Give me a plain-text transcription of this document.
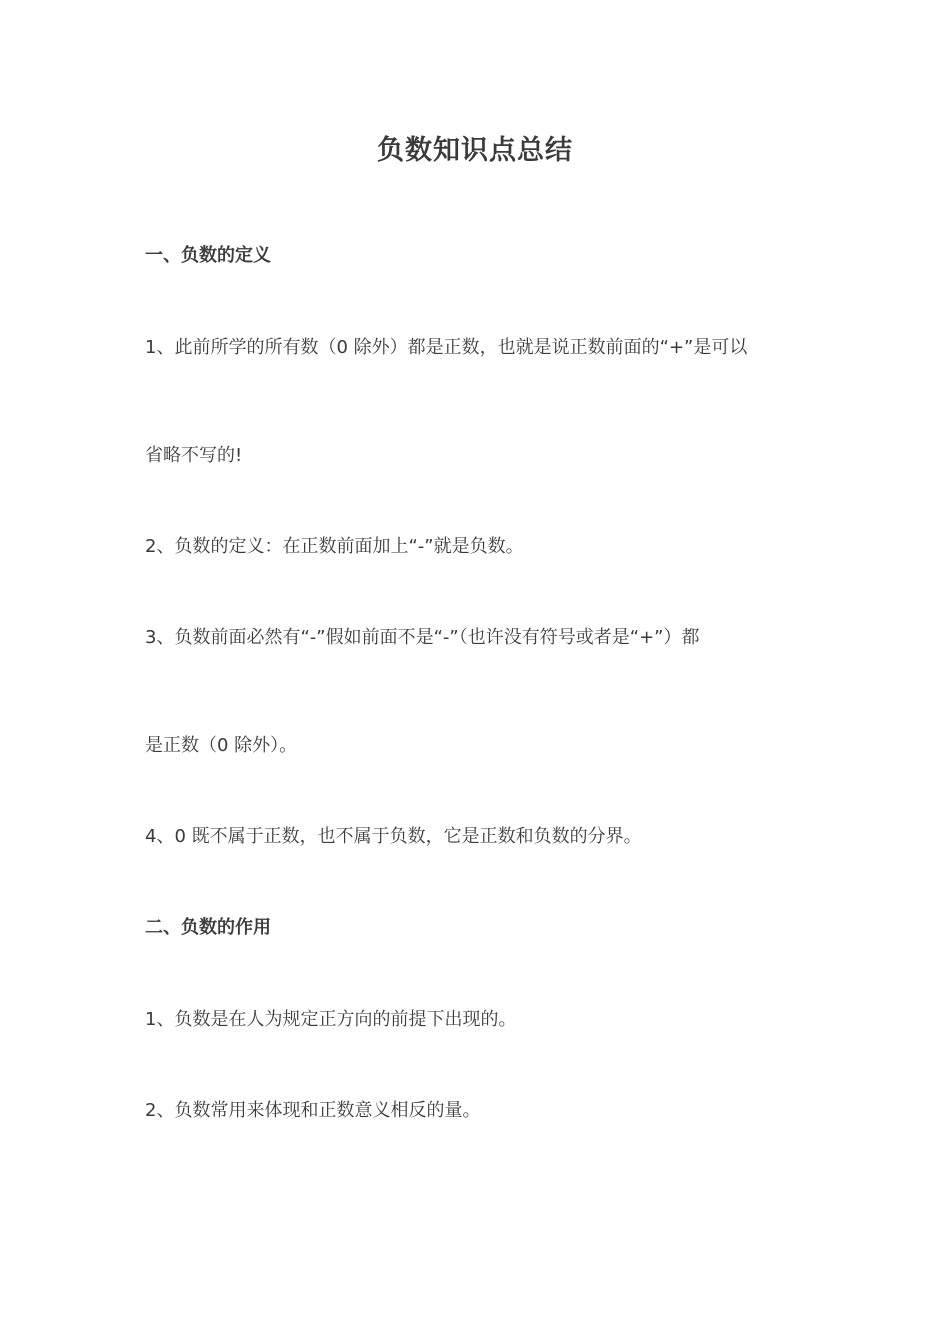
负数知识点总结
一、负数的定义
1、此前所学的所有数（0 除外）都是正数，也就是说正数前面的“+”是可以
省略不写的!
2、负数的定义：在正数前面加上“-”就是负数。
3、负数前面必然有“-”假如前面不是“-”（也许没有符号或者是“+”）都
是正数（0 除外）。
4、0 既不属于正数，也不属于负数，它是正数和负数的分界。
二、负数的作用
1、负数是在人为规定正方向的前提下出现的。
2、负数常用来体现和正数意义相反的量。
